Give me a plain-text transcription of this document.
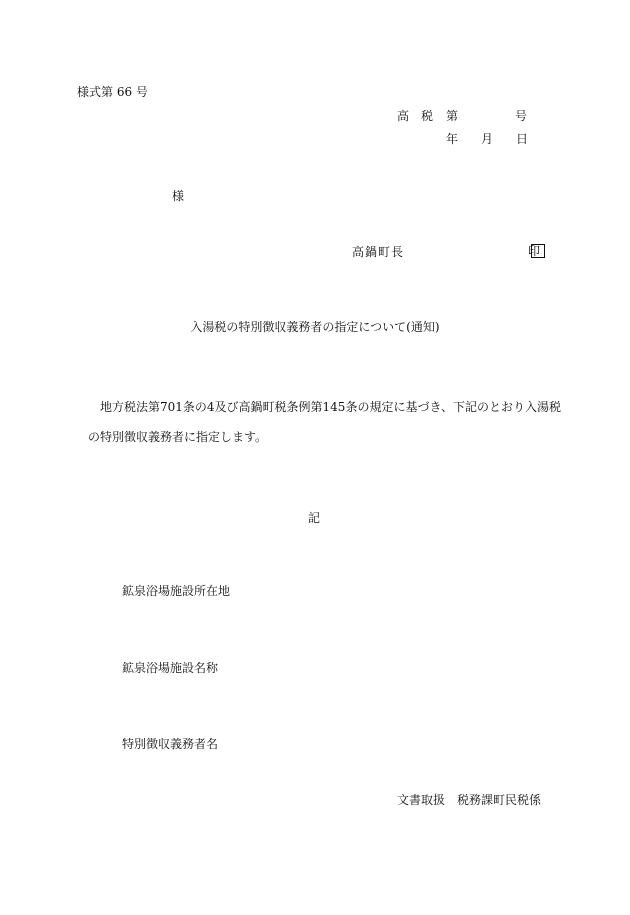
様式第 66 号
高 税 第	号
年 月 日
様
高鍋町長	印
入湯税の特別徴収義務者の指定について(通知)
地方税法第701条の4及び高鍋町税条例第145条の規定に基づき、下記のとおり入湯税
の特別徴収義務者に指定します。
記
鉱泉浴場施設所在地
鉱泉浴場施設名称
特別徴収義務者名
文書取扱 税務課町民税係
